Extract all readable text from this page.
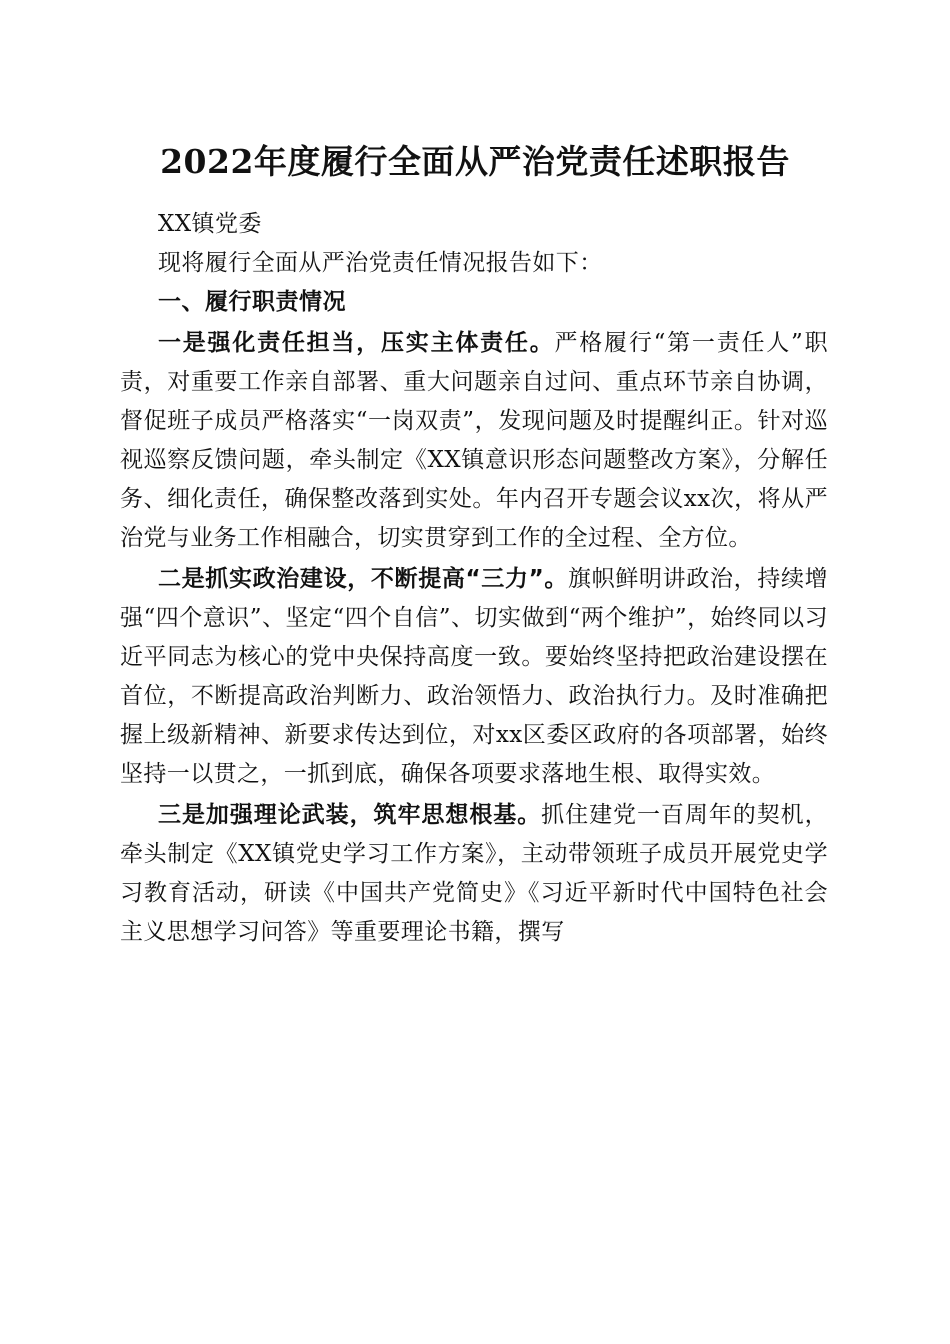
2022年度履行全面从严治党责任述职报告

XX镇党委

现将履行全面从严治党责任情况报告如下：

一、履行职责情况

一是强化责任担当，压实主体责任。严格履行“第一责任人”职责，对重要工作亲自部署、重大问题亲自过问、重点环节亲自协调，督促班子成员严格落实“一岗双责”，发现问题及时提醒纠正。针对巡视巡察反馈问题，牵头制定《XX镇意识形态问题整改方案》，分解任务、细化责任，确保整改落到实处。年内召开专题会议xx次，将从严治党与业务工作相融合，切实贯穿到工作的全过程、全方位。

二是抓实政治建设，不断提高“三力”。旗帜鲜明讲政治，持续增强“四个意识”、坚定“四个自信”、切实做到“两个维护”，始终同以习近平同志为核心的党中央保持高度一致。要始终坚持把政治建设摆在首位，不断提高政治判断力、政治领悟力、政治执行力。及时准确把握上级新精神、新要求传达到位，对xx区委区政府的各项部署，始终坚持一以贯之，一抓到底，确保各项要求落地生根、取得实效。

三是加强理论武装，筑牢思想根基。抓住建党一百周年的契机，牵头制定《XX镇党史学习工作方案》，主动带领班子成员开展党史学习教育活动，研读《中国共产党简史》《习近平新时代中国特色社会主义思想学习问答》等重要理论书籍，撰写
